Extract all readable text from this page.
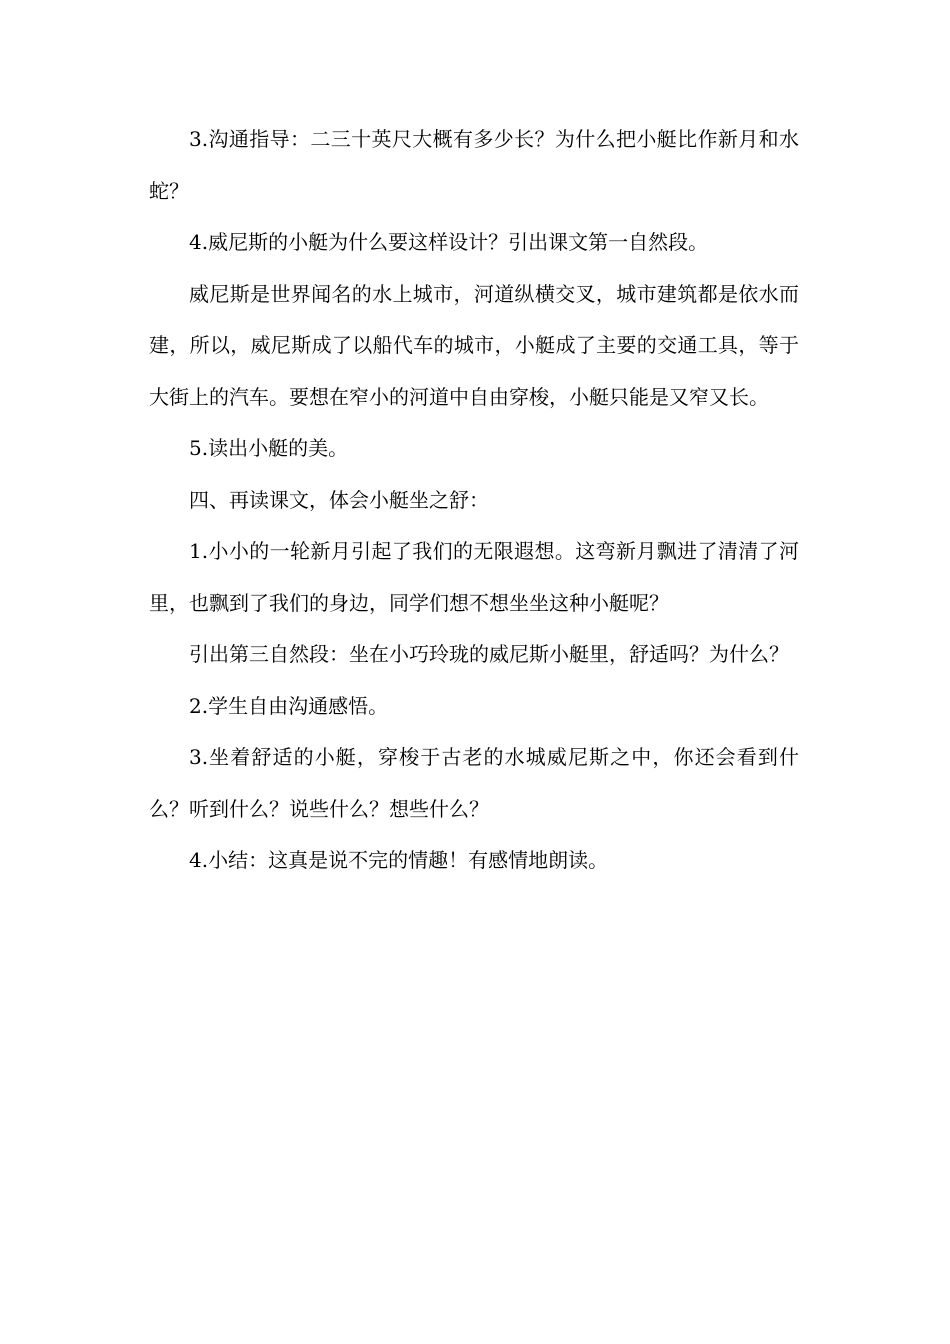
3.沟通指导：二三十英尺大概有多少长？为什么把小艇比作新月和水蛇？

4.威尼斯的小艇为什么要这样设计？引出课文第一自然段。

威尼斯是世界闻名的水上城市，河道纵横交叉，城市建筑都是依水而建，所以，威尼斯成了以船代车的城市，小艇成了主要的交通工具，等于大街上的汽车。要想在窄小的河道中自由穿梭，小艇只能是又窄又长。

5.读出小艇的美。

四、再读课文，体会小艇坐之舒：

1.小小的一轮新月引起了我们的无限遐想。这弯新月飘进了清清了河里，也飘到了我们的身边，同学们想不想坐坐这种小艇呢？

引出第三自然段：坐在小巧玲珑的威尼斯小艇里，舒适吗？为什么？

2.学生自由沟通感悟。

3.坐着舒适的小艇，穿梭于古老的水城威尼斯之中，你还会看到什么？听到什么？说些什么？想些什么？

4.小结：这真是说不完的情趣！有感情地朗读。
